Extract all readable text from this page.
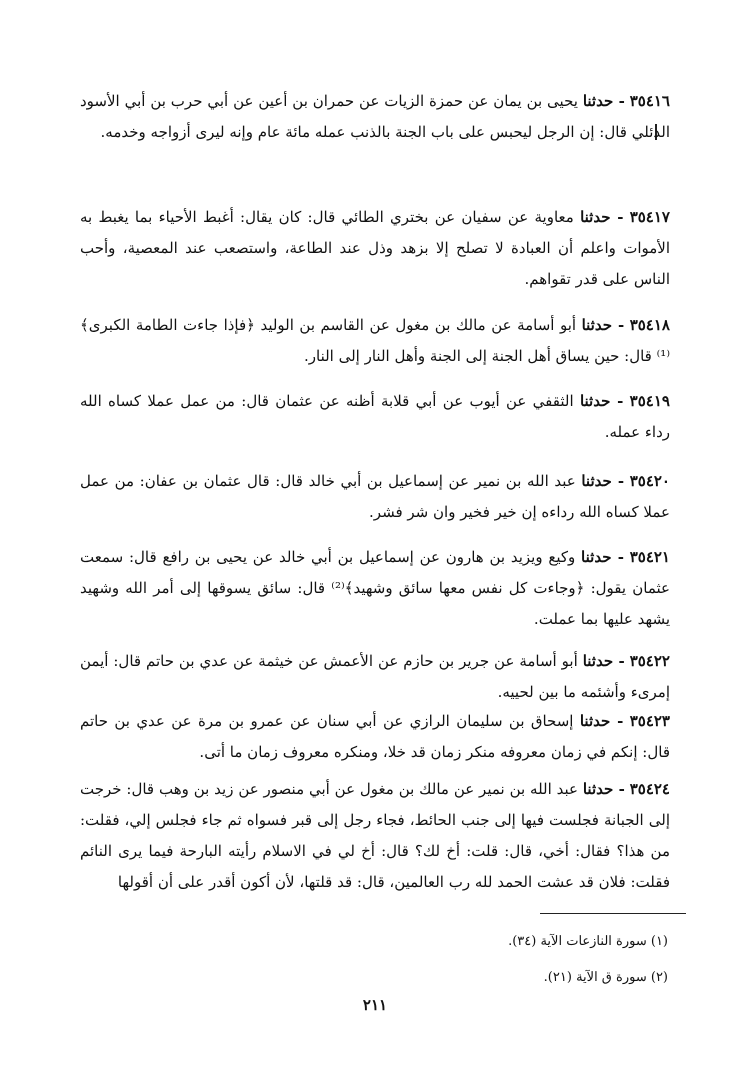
٣٥٤١٦ - حدثنا يحيى بن يمان عن حمزة الزيات عن حمران بن أعين عن أبي حرب بن أبي الأسود الدئلي قال: إن الرجل ليحبس على باب الجنة بالذنب عمله مائة عام وإنه ليرى أزواجه وخدمه.

٣٥٤١٧ - حدثنا معاوية عن سفيان عن بختري الطائي قال: كان يقال: أغبط الأحياء بما يغبط به الأموات واعلم أن العبادة لا تصلح إلا بزهد وذل عند الطاعة، واستصعب عند المعصية، وأحب الناس على قدر تقواهم.

٣٥٤١٨ - حدثنا أبو أسامة عن مالك بن مغول عن القاسم بن الوليد ﴿فإذا جاءت الطامة الكبرى﴾⁽¹⁾ قال: حين يساق أهل الجنة إلى الجنة وأهل النار إلى النار.

٣٥٤١٩ - حدثنا الثقفي عن أيوب عن أبي قلابة أظنه عن عثمان قال: من عمل عملا كساه الله رداء عمله.

٣٥٤٢٠ - حدثنا عبد الله بن نمير عن إسماعيل بن أبي خالد قال: قال عثمان بن عفان: من عمل عملا كساه الله رداءه إن خير فخير وان شر فشر.

٣٥٤٢١ - حدثنا وكيع ويزيد بن هارون عن إسماعيل بن أبي خالد عن يحيى بن رافع قال: سمعت عثمان يقول: ﴿وجاءت كل نفس معها سائق وشهيد﴾⁽²⁾ قال: سائق يسوقها إلى أمر الله وشهيد يشهد عليها بما عملت.

٣٥٤٢٢ - حدثنا أبو أسامة عن جرير بن حازم عن الأعمش عن خيثمة عن عدي بن حاتم قال: أيمن إمرىء وأشئمه ما بين لحييه.

٣٥٤٢٣ - حدثنا إسحاق بن سليمان الرازي عن أبي سنان عن عمرو بن مرة عن عدي بن حاتم قال: إنكم في زمان معروفه منكر زمان قد خلا، ومنكره معروف زمان ما أتى.

٣٥٤٢٤ - حدثنا عبد الله بن نمير عن مالك بن مغول عن أبي منصور عن زيد بن وهب قال: خرجت إلى الجبانة فجلست فيها إلى جنب الحائط، فجاء رجل إلى قبر فسواه ثم جاء فجلس إلي، فقلت: من هذا؟ فقال: أخي، قال: قلت: أخ لك؟ قال: أخ لي في الاسلام رأيته البارحة فيما يرى النائم فقلت: فلان قد عشت الحمد لله رب العالمين، قال: قد قلتها، لأن أكون أقدر على أن أقولها

(١) سورة النازعات الآية (٣٤).
(٢) سورة ق الآية (٢١).
٢١١
